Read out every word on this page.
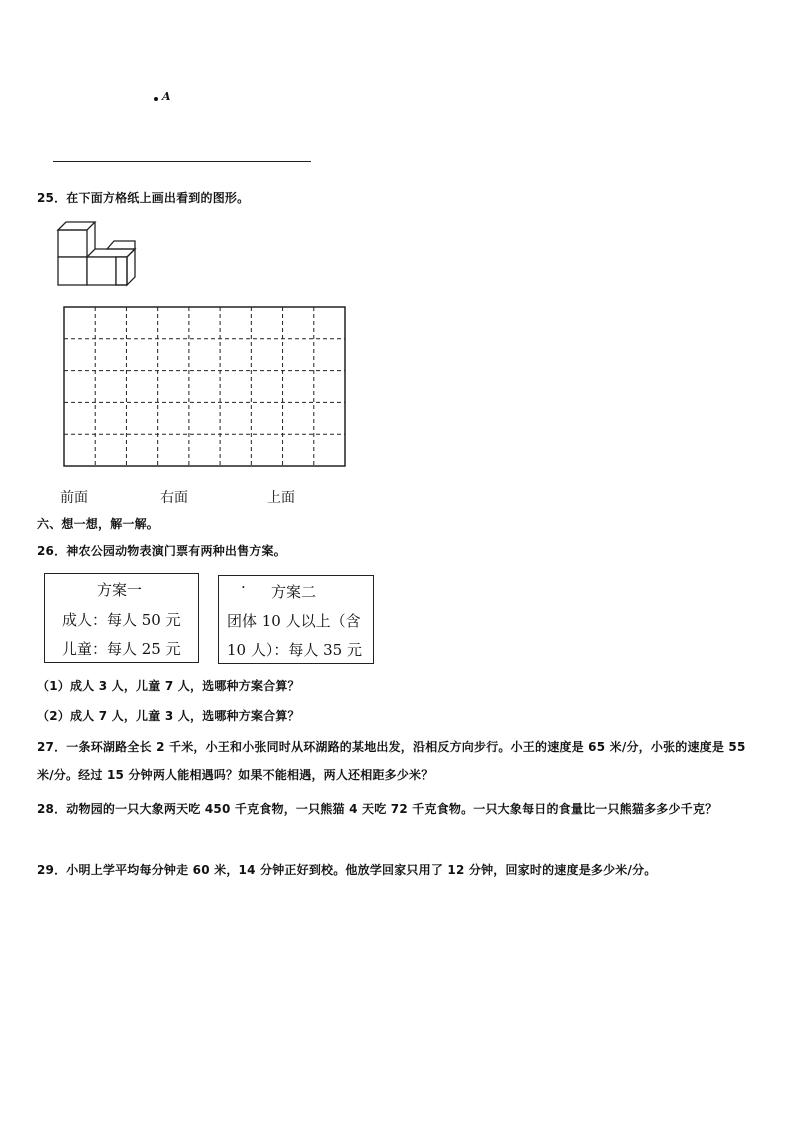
A
25．在下面方格纸上画出看到的图形。
前面	右面	上面
六、想一想，解一解。
26．神农公园动物表演门票有两种出售方案。
方案一
成人：每人 50 元
儿童：每人 25 元
· 方案二
团体 10 人以上（含
10 人）：每人 35 元
（1）成人 3 人，儿童 7 人，选哪种方案合算？
（2）成人 7 人，儿童 3 人，选哪种方案合算？
27．一条环湖路全长 2 千米，小王和小张同时从环湖路的某地出发，沿相反方向步行。小王的速度是 65 米/分，小张的速度是 55 米/分。经过 15 分钟两人能相遇吗？如果不能相遇，两人还相距多少米？
28．动物园的一只大象两天吃 450 千克食物，一只熊猫 4 天吃 72 千克食物。一只大象每日的食量比一只熊猫多多少千克？
29．小明上学平均每分钟走 60 米，14 分钟正好到校。他放学回家只用了 12 分钟，回家时的速度是多少米/分。
